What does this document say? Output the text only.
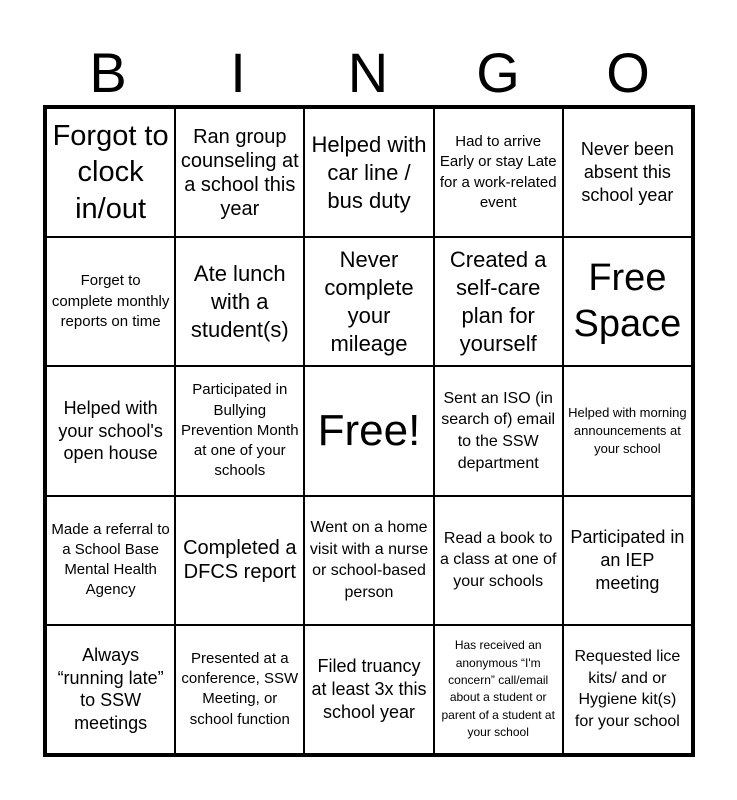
B	I	N	G	O
Forgot to clock in/out
Ran group counseling at a school this year
Helped with car line / bus duty
Had to arrive Early or stay Late for a work-related event
Never been absent this school year
Forget to complete monthly reports on time
Ate lunch with a student(s)
Never complete your mileage
Created a self-care plan for yourself
Free Space
Helped with your school's open house
Participated in Bullying Prevention Month at one of your schools
Free!
Sent an ISO (in search of) email to the SSW department
Helped with morning announcements at your school
Made a referral to a School Base Mental Health Agency
Completed a DFCS report
Went on a home visit with a nurse or school-based person
Read a book to a class at one of your schools
Participated in an IEP meeting
Always “running late” to SSW meetings
Presented at a conference, SSW Meeting, or school function
Filed truancy at least 3x this school year
Has received an anonymous “I'm concern” call/email about a student or parent of a student at your school
Requested lice kits/ and or Hygiene kit(s) for your school
